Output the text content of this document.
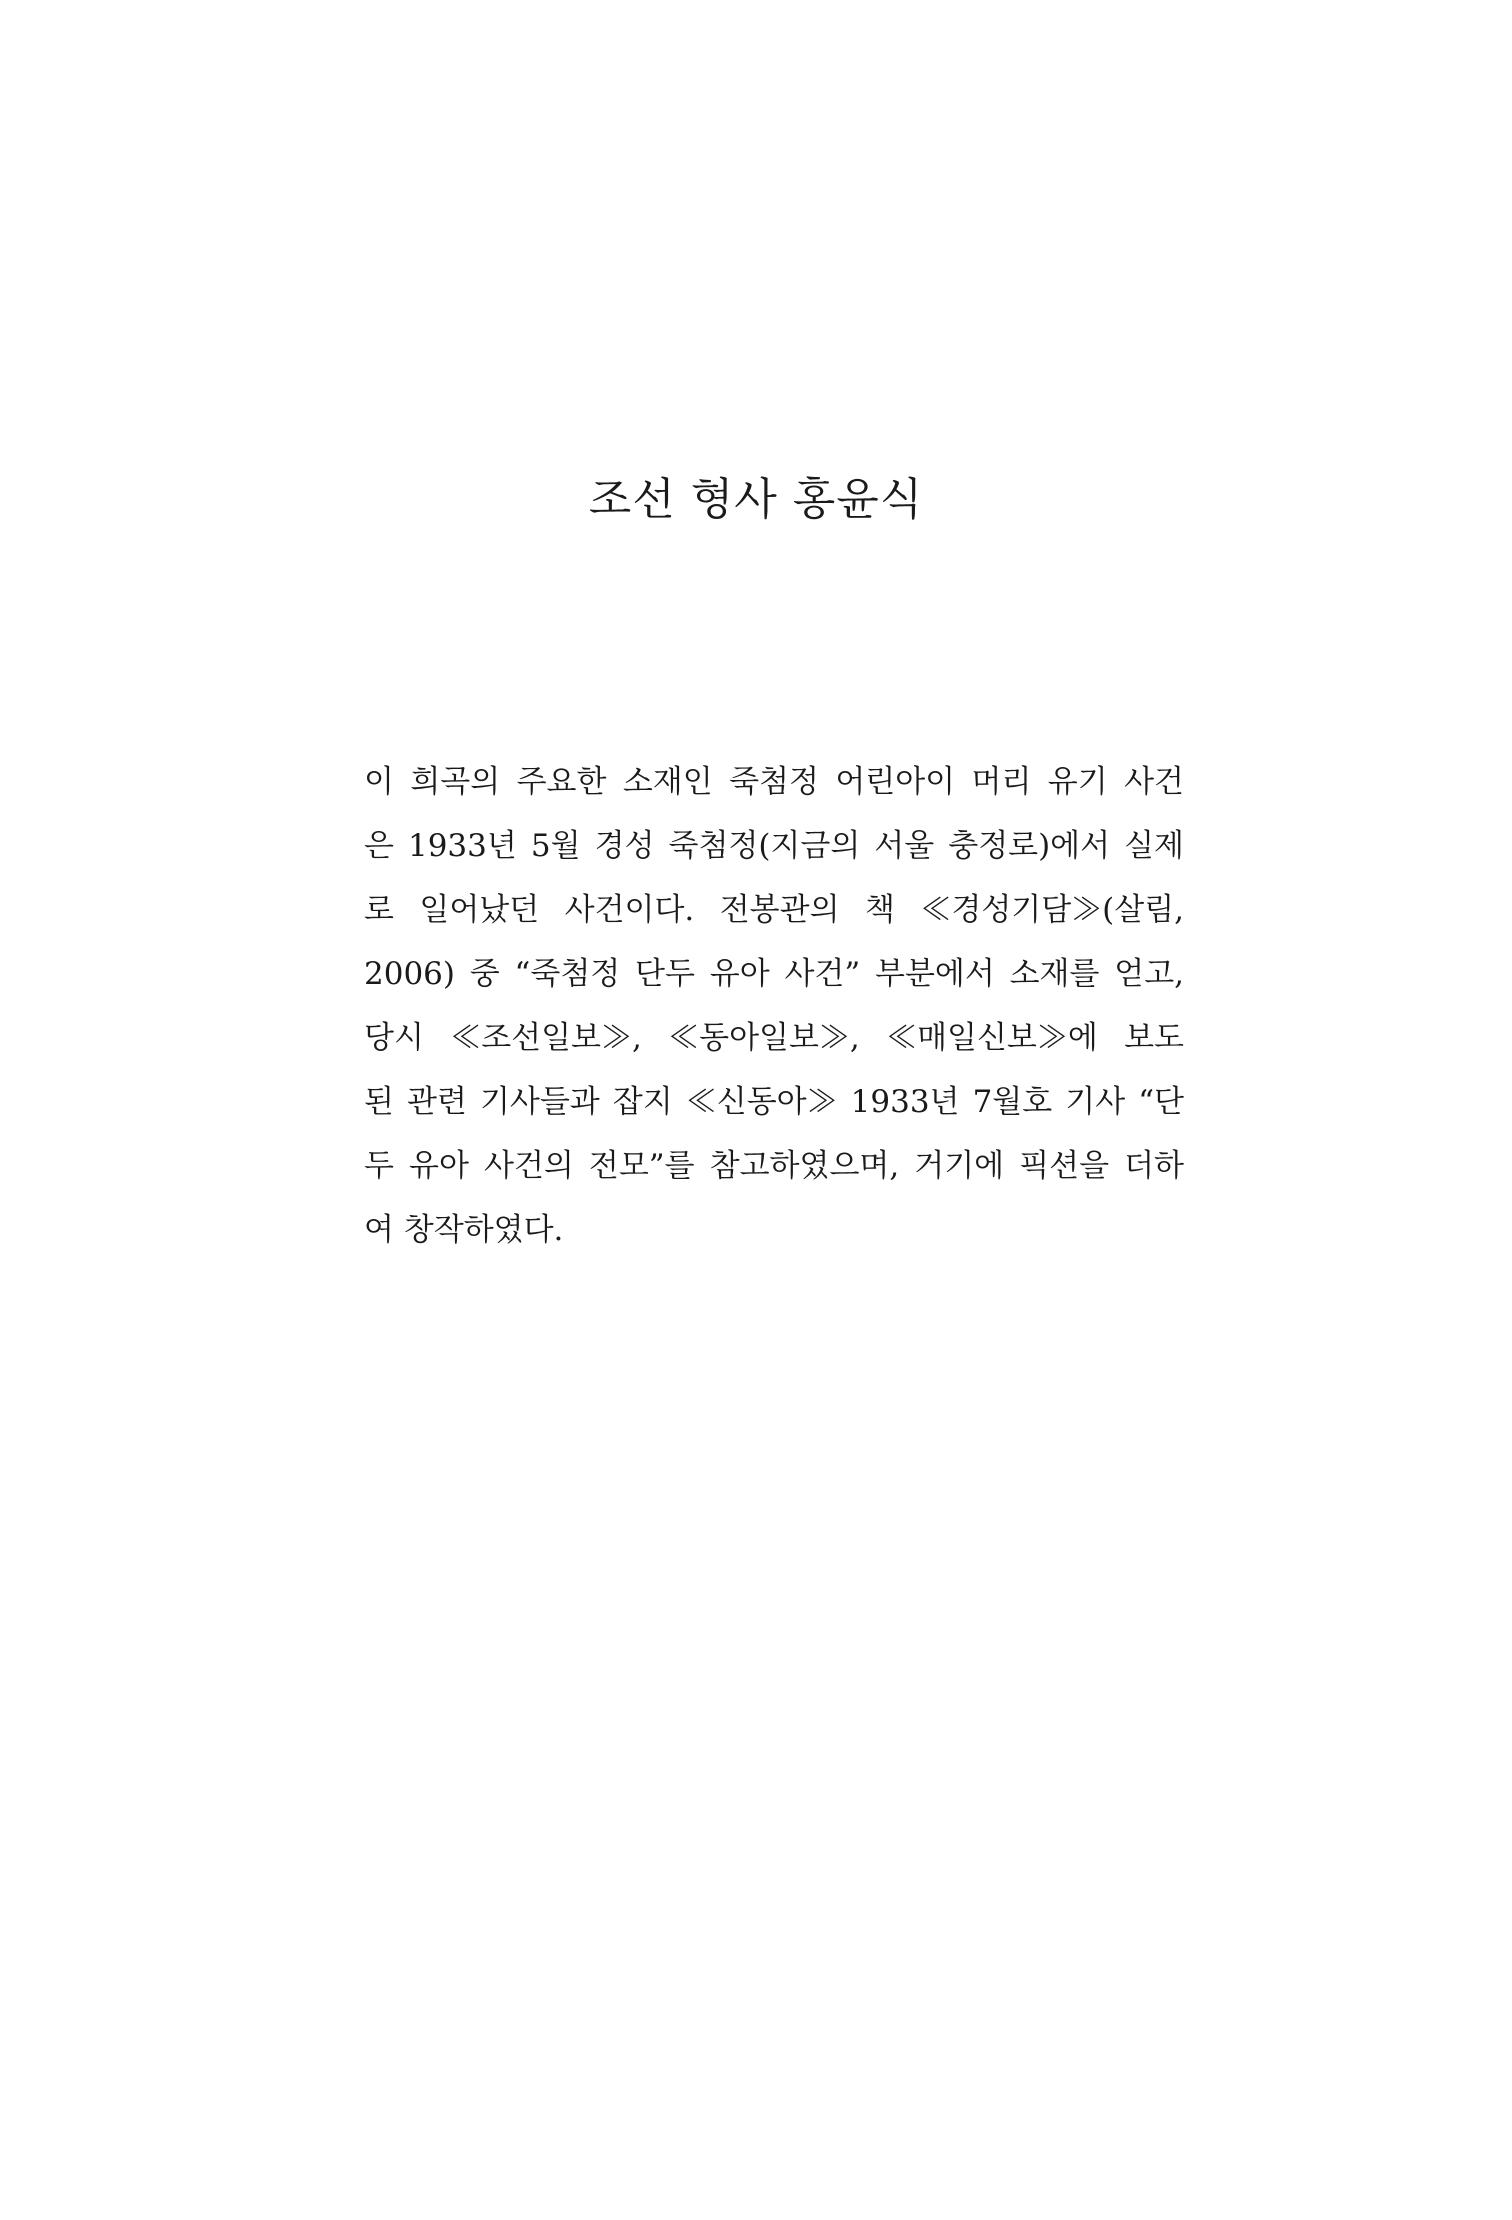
조선 형사 홍윤식
이 희곡의 주요한 소재인 죽첨정 어린아이 머리 유기 사건
은 1933년 5월 경성 죽첨정(지금의 서울 충정로)에서 실제
로 일어났던 사건이다. 전봉관의 책 ≪경성기담≫(살림,
2006) 중 “죽첨정 단두 유아 사건” 부분에서 소재를 얻고,
당시 ≪조선일보≫, ≪동아일보≫, ≪매일신보≫에 보도
된 관련 기사들과 잡지 ≪신동아≫ 1933년 7월호 기사 “단
두 유아 사건의 전모”를 참고하였으며, 거기에 픽션을 더하
여 창작하였다.
